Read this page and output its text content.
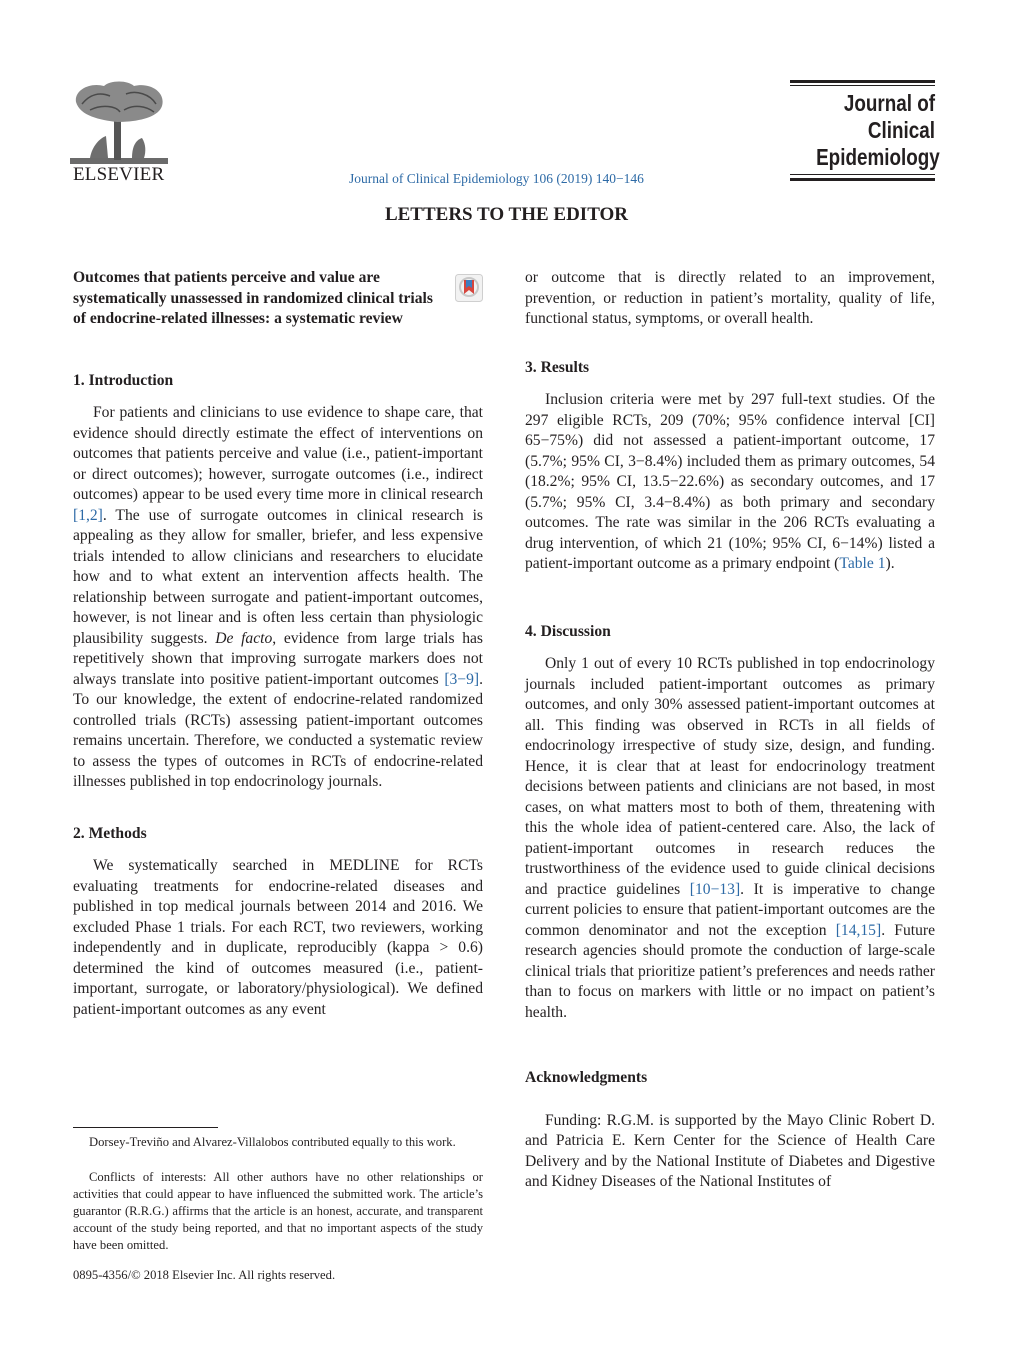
ELSEVIER	Journal of Clinical Epidemiology 106 (2019) 140−146
Journal of
Clinical
Epidemiology
LETTERS TO THE EDITOR
Outcomes that patients perceive and value are systematically unassessed in randomized clinical trials of endocrine-related illnesses: a systematic review
1. Introduction

For patients and clinicians to use evidence to shape care, that evidence should directly estimate the effect of interventions on outcomes that patients perceive and value (i.e., patient-important or direct outcomes); however, surrogate outcomes (i.e., indirect outcomes) appear to be used every time more in clinical research [1,2]. The use of surrogate outcomes in clinical research is appealing as they allow for smaller, briefer, and less expensive trials intended to allow clinicians and researchers to elucidate how and to what extent an intervention affects health. The relationship between surrogate and patient-important outcomes, however, is not linear and is often less certain than physiologic plausibility suggests. De facto, evidence from large trials has repetitively shown that improving surrogate markers does not always translate into positive patient-important outcomes [3−9]. To our knowledge, the extent of endocrine-related randomized controlled trials (RCTs) assessing patient-important outcomes remains uncertain. Therefore, we conducted a systematic review to assess the types of outcomes in RCTs of endocrine-related illnesses published in top endocrinology journals.

2. Methods

We systematically searched in MEDLINE for RCTs evaluating treatments for endocrine-related diseases and published in top medical journals between 2014 and 2016. We excluded Phase 1 trials. For each RCT, two reviewers, working independently and in duplicate, reproducibly (kappa > 0.6) determined the kind of outcomes measured (i.e., patient-important, surrogate, or laboratory/physiological). We defined patient-important outcomes as any event

Dorsey-Treviño and Alvarez-Villalobos contributed equally to this work.

Conflicts of interests: All other authors have no other relationships or activities that could appear to have influenced the submitted work. The article’s guarantor (R.R.G.) affirms that the article is an honest, accurate, and transparent account of the study being reported, and that no important aspects of the study have been omitted.

0895-4356/© 2018 Elsevier Inc. All rights reserved.

or outcome that is directly related to an improvement, prevention, or reduction in patient’s mortality, quality of life, functional status, symptoms, or overall health.

3. Results

Inclusion criteria were met by 297 full-text studies. Of the 297 eligible RCTs, 209 (70%; 95% confidence interval [CI] 65−75%) did not assessed a patient-important outcome, 17 (5.7%; 95% CI, 3−8.4%) included them as primary outcomes, 54 (18.2%; 95% CI, 13.5−22.6%) as secondary outcomes, and 17 (5.7%; 95% CI, 3.4−8.4%) as both primary and secondary outcomes. The rate was similar in the 206 RCTs evaluating a drug intervention, of which 21 (10%; 95% CI, 6−14%) listed a patient-important outcome as a primary endpoint (Table 1).

4. Discussion

Only 1 out of every 10 RCTs published in top endocrinology journals included patient-important outcomes as primary outcomes, and only 30% assessed patient-important outcomes at all. This finding was observed in RCTs in all fields of endocrinology irrespective of study size, design, and funding. Hence, it is clear that at least for endocrinology treatment decisions between patients and clinicians are not based, in most cases, on what matters most to both of them, threatening with this the whole idea of patient-centered care. Also, the lack of patient-important outcomes in research reduces the trustworthiness of the evidence used to guide clinical decisions and practice guidelines [10−13]. It is imperative to change current policies to ensure that patient-important outcomes are the common denominator and not the exception [14,15]. Future research agencies should promote the conduction of large-scale clinical trials that prioritize patient’s preferences and needs rather than to focus on markers with little or no impact on patient’s health.

Acknowledgments

Funding: R.G.M. is supported by the Mayo Clinic Robert D. and Patricia E. Kern Center for the Science of Health Care Delivery and by the National Institute of Diabetes and Digestive and Kidney Diseases of the National Institutes of
